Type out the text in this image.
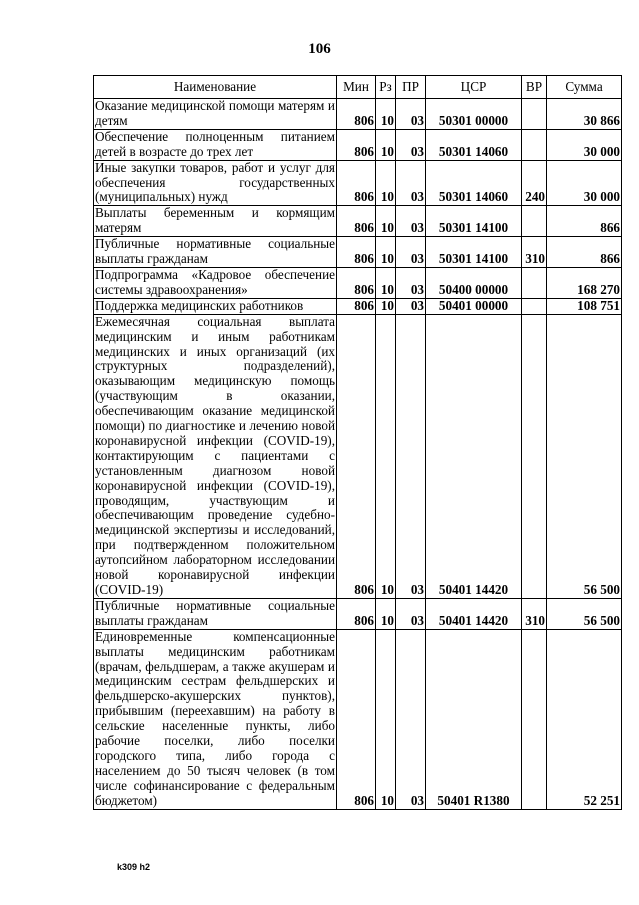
106
Наименование	Мин	Рз	ПР	ЦСР	ВР	Сумма
Оказание медицинской помощи матерям и детям	806	10	03	50301 00000		30 866
Обеспечение полноценным питанием детей в возрасте до трех лет	806	10	03	50301 14060		30 000
Иные закупки товаров, работ и услуг для обеспечения государственных (муниципальных) нужд	806	10	03	50301 14060	240	30 000
Выплаты беременным и кормящим матерям	806	10	03	50301 14100		866
Публичные нормативные социальные выплаты гражданам	806	10	03	50301 14100	310	866
Подпрограмма «Кадровое обеспечение системы здравоохранения»	806	10	03	50400 00000		168 270
Поддержка медицинских работников	806	10	03	50401 00000		108 751
Ежемесячная социальная выплата медицинским и иным работникам медицинских и иных организаций (их структурных подразделений), оказывающим медицинскую помощь (участвующим в оказании, обеспечивающим оказание медицинской помощи) по диагностике и лечению новой коронавирусной инфекции (COVID-19), контактирующим с пациентами с установленным диагнозом новой коронавирусной инфекции (COVID-19), проводящим, участвующим и обеспечивающим проведение судебно-медицинской экспертизы и исследований, при подтвержденном положительном аутопсийном лабораторном исследовании новой коронавирусной инфекции (COVID-19)	806	10	03	50401 14420		56 500
Публичные нормативные социальные выплаты гражданам	806	10	03	50401 14420	310	56 500
Единовременные компенсационные выплаты медицинским работникам (врачам, фельдшерам, а также акушерам и медицинским сестрам фельдшерских и фельдшерско-акушерских пунктов), прибывшим (переехавшим) на работу в сельские населенные пункты, либо рабочие поселки, либо поселки городского типа, либо города с населением до 50 тысяч человек (в том числе софинансирование с федеральным бюджетом)	806	10	03	50401 R1380		52 251
k309 h2
